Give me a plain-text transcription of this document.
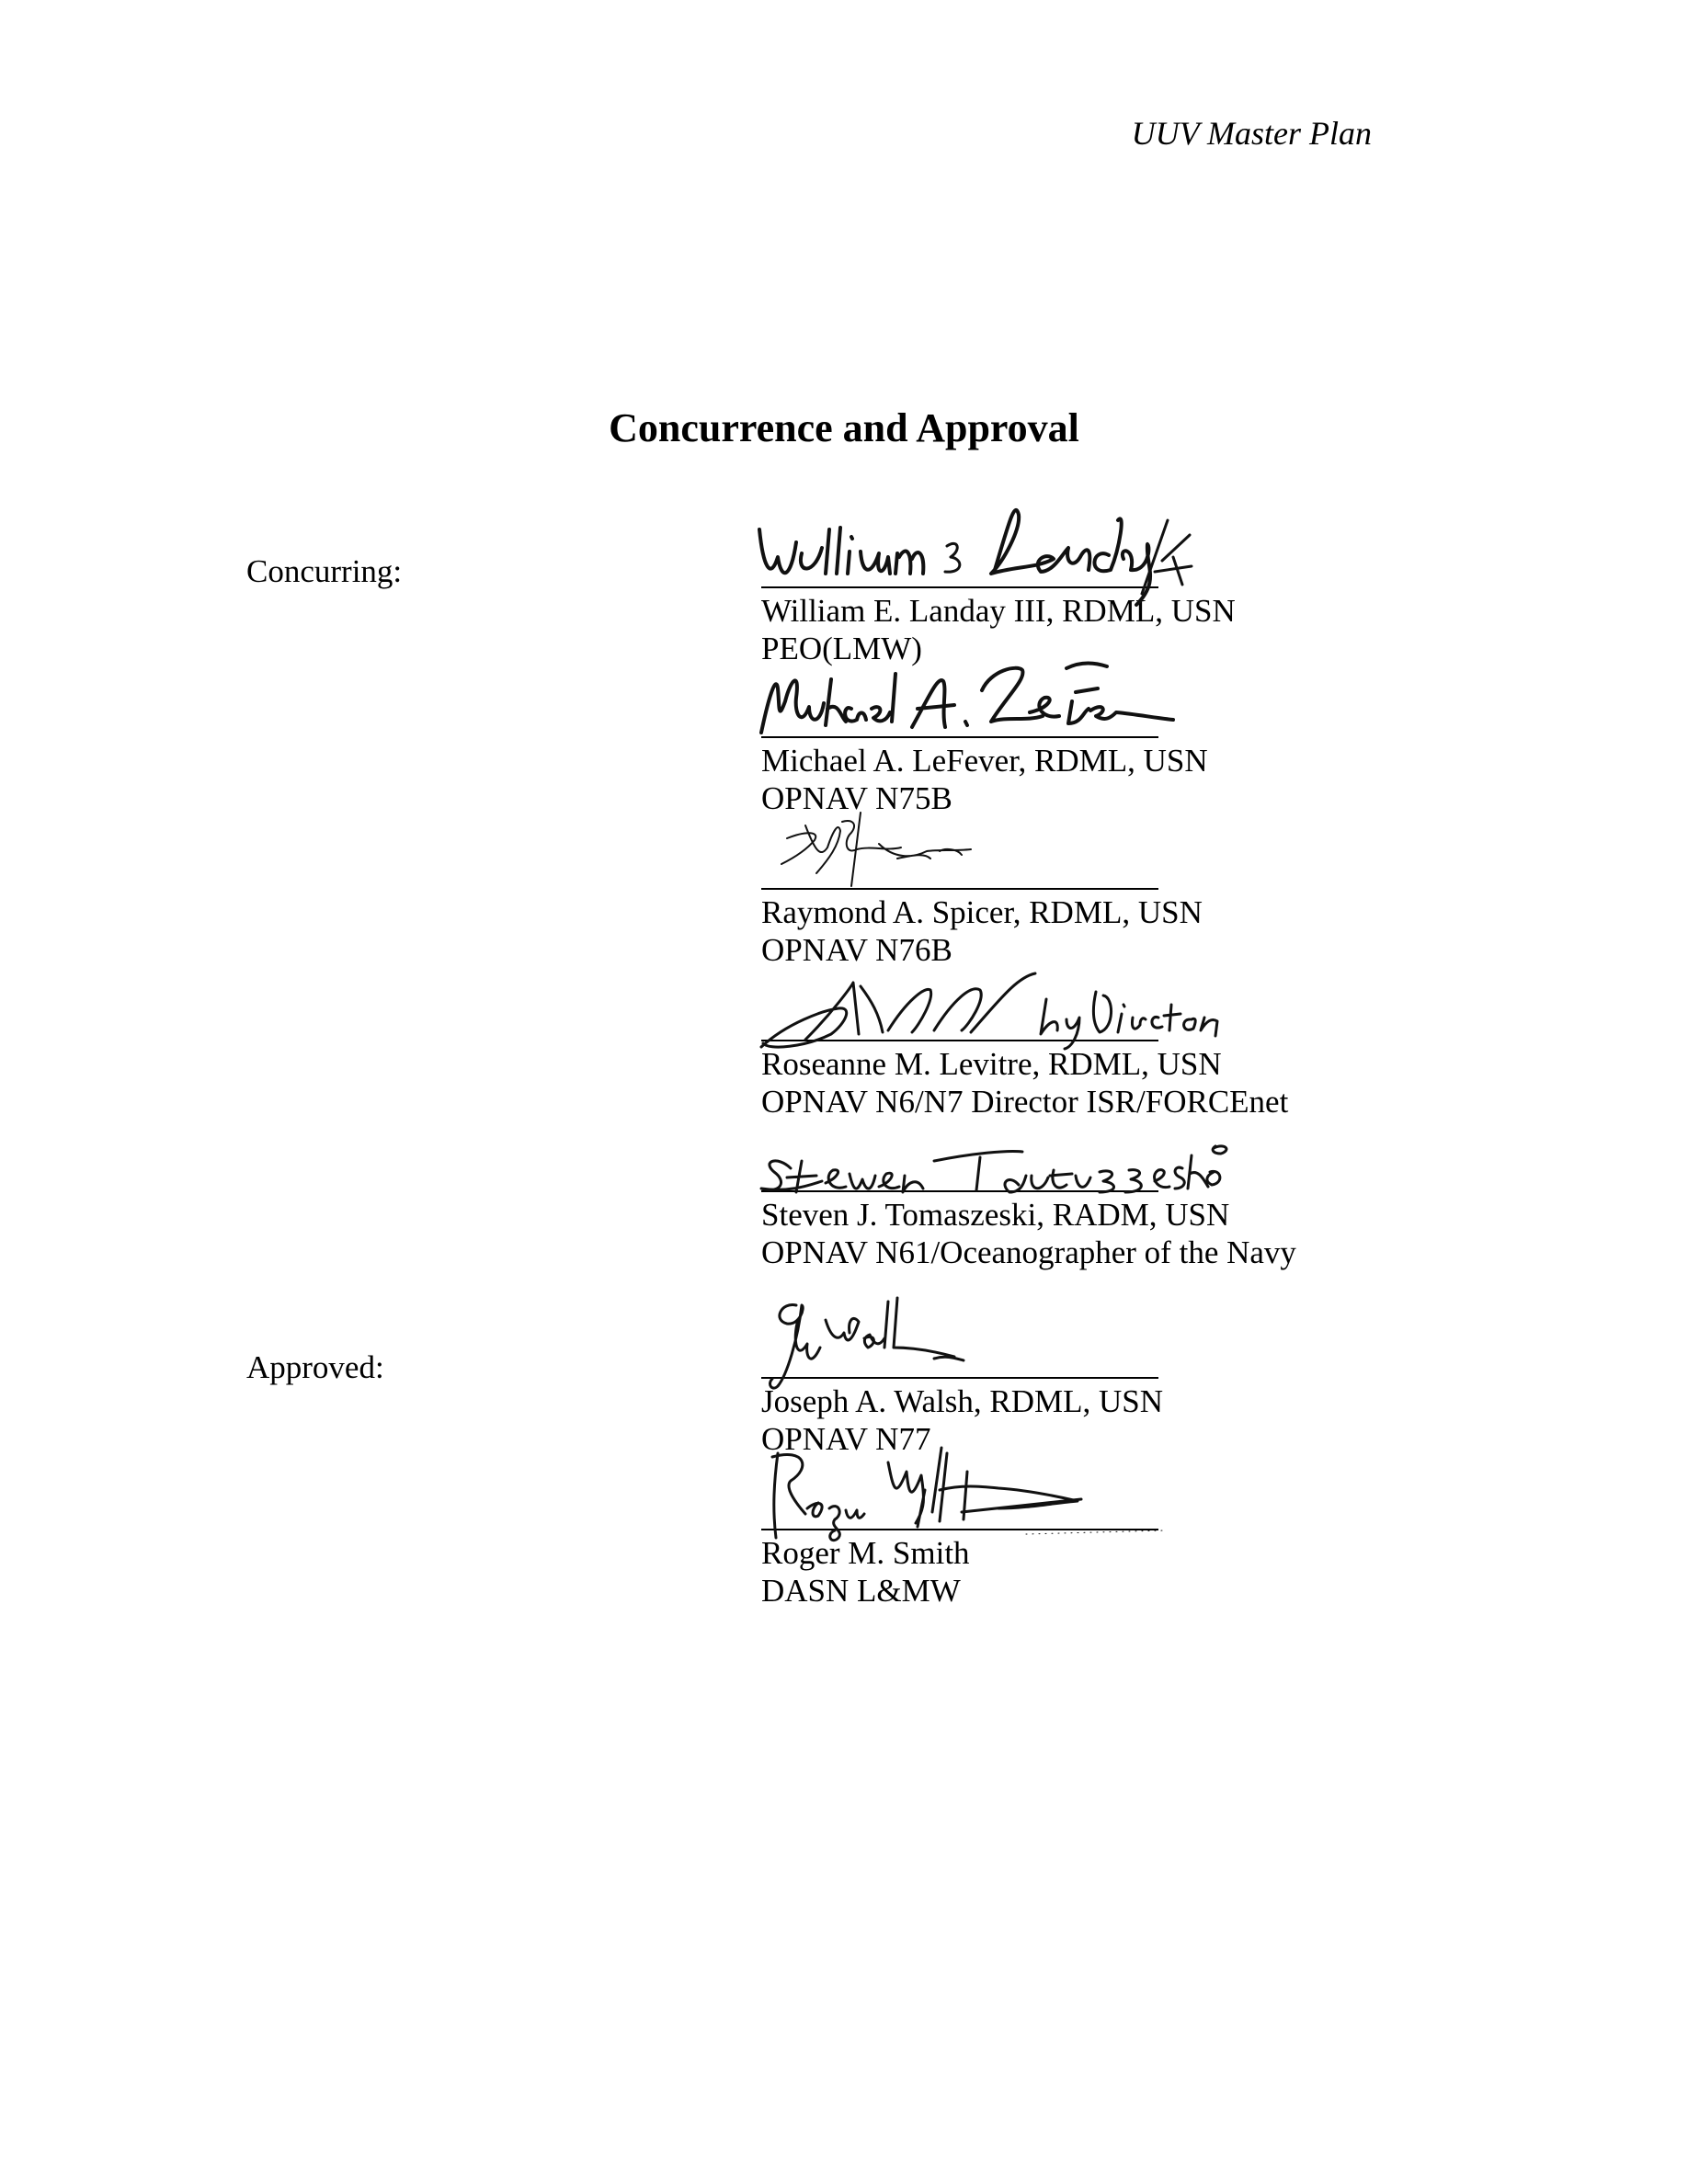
UUV Master Plan
Concurrence and Approval
Concurring:
Approved:
William E. Landay III, RDML, USN
PEO(LMW)
Michael A. LeFever, RDML, USN
OPNAV N75B
Raymond A. Spicer, RDML, USN
OPNAV N76B
Roseanne M. Levitre, RDML, USN
OPNAV N6/N7 Director ISR/FORCEnet
Steven J. Tomaszeski, RADM, USN
OPNAV N61/Oceanographer of the Navy
Joseph A. Walsh, RDML, USN
OPNAV N77
Roger M. Smith
DASN L&MW
